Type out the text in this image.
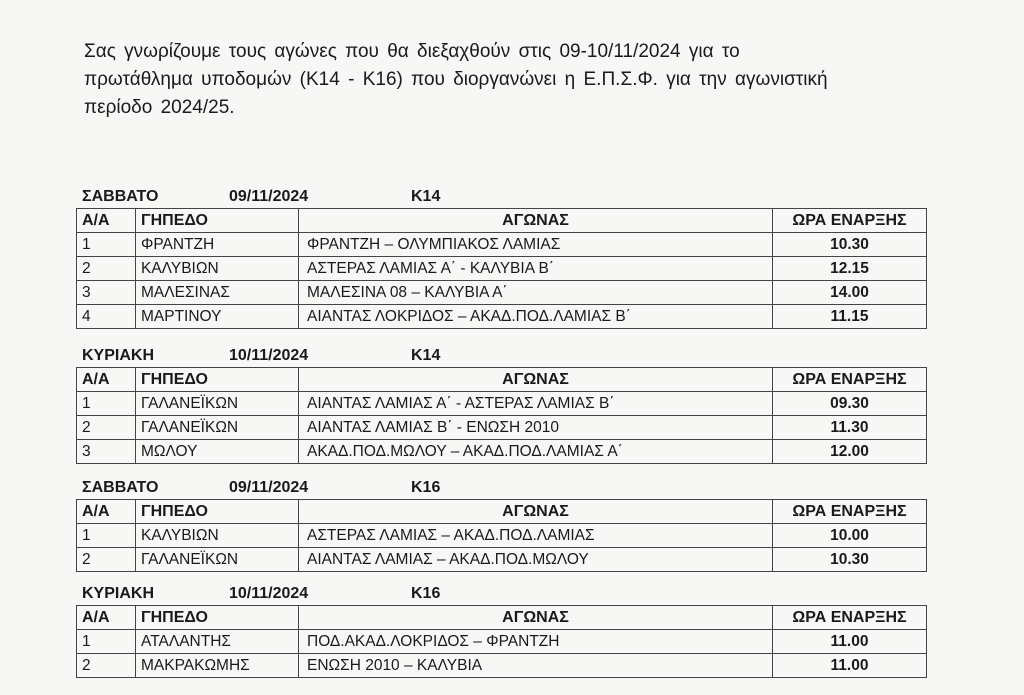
Σας γνωρίζουμε τους αγώνες που θα διεξαχθούν στις 09-10/11/2024 για το

πρωτάθλημα υποδομών (Κ14 - Κ16) που διοργανώνει η Ε.Π.Σ.Φ. για την αγωνιστική

περίοδο 2024/25.

ΣΑΒΒΑΤΟ	09/11/2024	Κ14
Α/Α	ΓΗΠΕΔΟ	ΑΓΩΝΑΣ	ΩΡΑ ΕΝΑΡΞΗΣ
1	ΦΡΑΝΤΖΗ	ΦΡΑΝΤΖΗ – ΟΛΥΜΠΙΑΚΟΣ ΛΑΜΙΑΣ	10.30
2	ΚΑΛΥΒΙΩΝ	ΑΣΤΕΡΑΣ ΛΑΜΙΑΣ Α΄ - ΚΑΛΥΒΙΑ Β΄	12.15
3	ΜΑΛΕΣΙΝΑΣ	ΜΑΛΕΣΙΝΑ 08 – ΚΑΛΥΒΙΑ Α΄	14.00
4	ΜΑΡΤΙΝΟΥ	ΑΙΑΝΤΑΣ ΛΟΚΡΙΔΟΣ – ΑΚΑΔ.ΠΟΔ.ΛΑΜΙΑΣ Β΄	11.15
ΚΥΡΙΑΚΗ	10/11/2024	Κ14
Α/Α	ΓΗΠΕΔΟ	ΑΓΩΝΑΣ	ΩΡΑ ΕΝΑΡΞΗΣ
1	ΓΑΛΑΝΕΪΚΩΝ	ΑΙΑΝΤΑΣ ΛΑΜΙΑΣ Α΄ - ΑΣΤΕΡΑΣ ΛΑΜΙΑΣ Β΄	09.30
2	ΓΑΛΑΝΕΪΚΩΝ	ΑΙΑΝΤΑΣ ΛΑΜΙΑΣ Β΄ - ΕΝΩΣΗ 2010	11.30
3	ΜΩΛΟΥ	ΑΚΑΔ.ΠΟΔ.ΜΩΛΟΥ – ΑΚΑΔ.ΠΟΔ.ΛΑΜΙΑΣ Α΄	12.00
ΣΑΒΒΑΤΟ	09/11/2024	Κ16
Α/Α	ΓΗΠΕΔΟ	ΑΓΩΝΑΣ	ΩΡΑ ΕΝΑΡΞΗΣ
1	ΚΑΛΥΒΙΩΝ	ΑΣΤΕΡΑΣ ΛΑΜΙΑΣ – ΑΚΑΔ.ΠΟΔ.ΛΑΜΙΑΣ	10.00
2	ΓΑΛΑΝΕΪΚΩΝ	ΑΙΑΝΤΑΣ ΛΑΜΙΑΣ – ΑΚΑΔ.ΠΟΔ.ΜΩΛΟΥ	10.30
ΚΥΡΙΑΚΗ	10/11/2024	Κ16
Α/Α	ΓΗΠΕΔΟ	ΑΓΩΝΑΣ	ΩΡΑ ΕΝΑΡΞΗΣ
1	ΑΤΑΛΑΝΤΗΣ	ΠΟΔ.ΑΚΑΔ.ΛΟΚΡΙΔΟΣ – ΦΡΑΝΤΖΗ	11.00
2	ΜΑΚΡΑΚΩΜΗΣ	ΕΝΩΣΗ 2010 – ΚΑΛΥΒΙΑ	11.00
